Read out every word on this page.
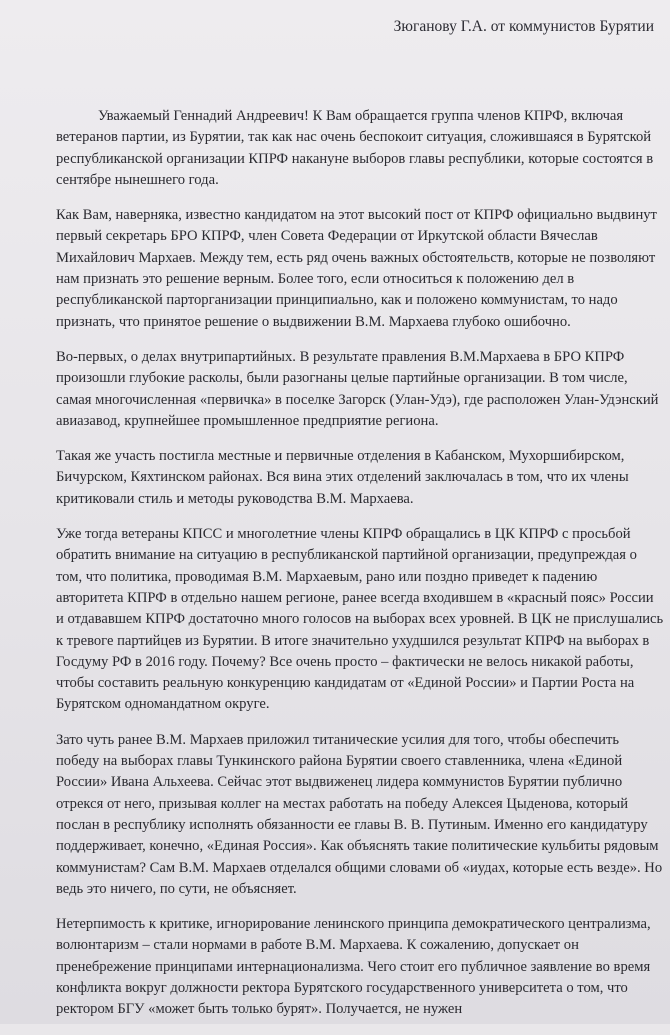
Зюганову Г.А. от коммунистов Бурятии

Уважаемый Геннадий Андреевич! К Вам обращается группа членов КПРФ, включая ветеранов партии, из Бурятии, так как нас очень беспокоит ситуация, сложившаяся в Бурятской республиканской организации КПРФ накануне выборов главы республики, которые состоятся в сентябре нынешнего года.

Как Вам, наверняка, известно кандидатом на этот высокий пост от КПРФ официально выдвинут первый секретарь БРО КПРФ, член Совета Федерации от Иркутской области Вячеслав Михайлович Мархаев. Между тем, есть ряд очень важных обстоятельств, которые не позволяют нам признать это решение верным. Более того, если относиться к положению дел в республиканской парторганизации принципиально, как и положено коммунистам, то надо признать, что принятое решение о выдвижении В.М. Мархаева глубоко ошибочно.

Во-первых, о делах внутрипартийных. В результате правления В.М.Мархаева в БРО КПРФ произошли глубокие расколы, были разогнаны целые партийные организации. В том числе, самая многочисленная «первичка» в поселке Загорск (Улан-Удэ), где расположен Улан-Удэнский авиазавод, крупнейшее промышленное предприятие региона.

Такая же участь постигла местные и первичные отделения в Кабанском, Мухоршибирском, Бичурском, Кяхтинском районах. Вся вина этих отделений заключалась в том, что их члены критиковали стиль и методы руководства В.М. Мархаева.

Уже тогда ветераны КПСС и многолетние члены КПРФ обращались в ЦК КПРФ с просьбой обратить внимание на ситуацию в республиканской партийной организации, предупреждая о том, что политика, проводимая В.М. Мархаевым, рано или поздно приведет к падению авторитета КПРФ в отдельно нашем регионе, ранее всегда входившем в «красный пояс» России и отдававшем КПРФ достаточно много голосов на выборах всех уровней. В ЦК не прислушались к тревоге партийцев из Бурятии. В итоге значительно ухудшился результат КПРФ на выборах в Госдуму РФ в 2016 году. Почему? Все очень просто – фактически не велось никакой работы, чтобы составить реальную конкуренцию кандидатам от «Единой России» и Партии Роста на Бурятском одномандатном округе.

Зато чуть ранее В.М. Мархаев приложил титанические усилия для того, чтобы обеспечить победу на выборах главы Тункинского района Бурятии своего ставленника, члена «Единой России» Ивана Альхеева. Сейчас этот выдвиженец лидера коммунистов Бурятии публично отрекся от него, призывая коллег на местах работать на победу Алексея Цыденова, который послан в республику исполнять обязанности ее главы В. В. Путиным. Именно его кандидатуру поддерживает, конечно, «Единая Россия». Как объяснять такие политические кульбиты рядовым коммунистам? Сам В.М. Мархаев отделался общими словами об «иудах, которые есть везде». Но ведь это ничего, по сути, не объясняет.

Нетерпимость к критике, игнорирование ленинского принципа демократического централизма, волюнтаризм – стали нормами в работе В.М. Мархаева. К сожалению, допускает он пренебрежение принципами интернационализма. Чего стоит его публичное заявление во время конфликта вокруг должности ректора Бурятского государственного университета о том, что ректором БГУ «может быть только бурят». Получается, не нужен
